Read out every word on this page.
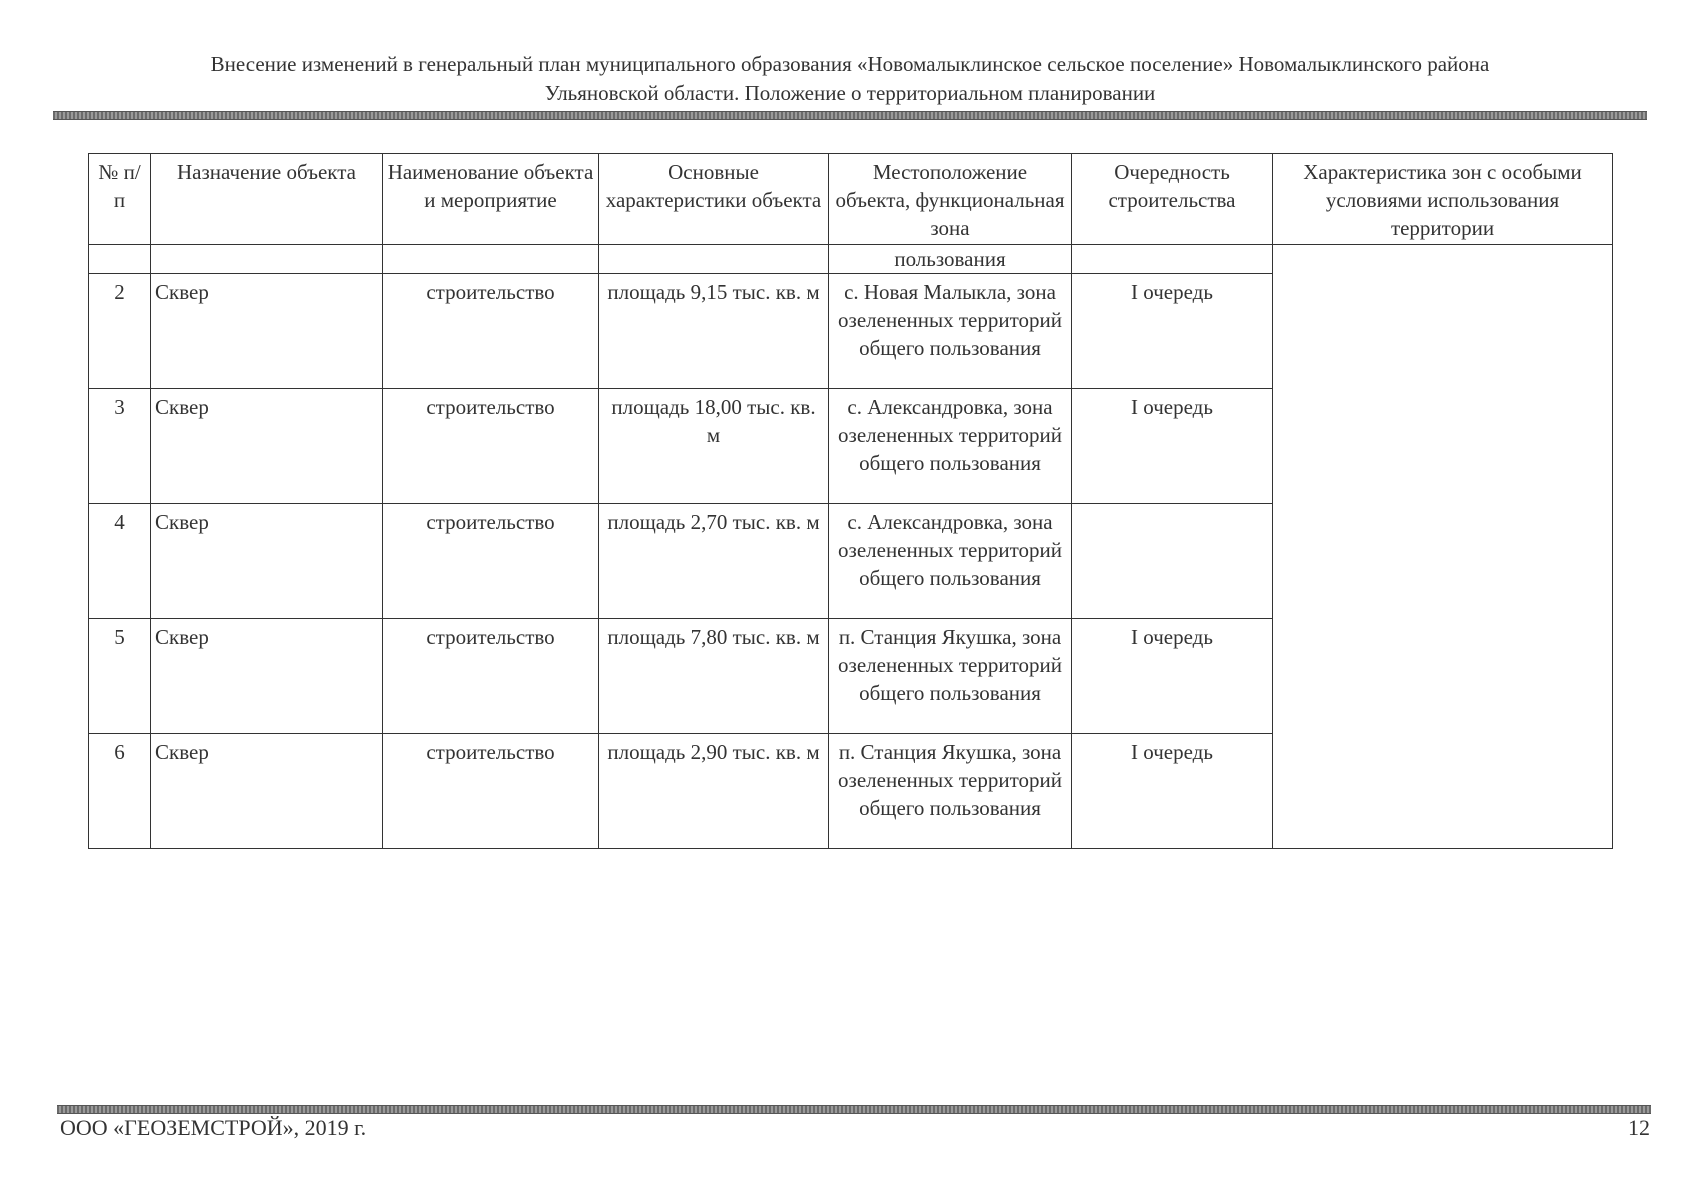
Внесение изменений в генеральный план муниципального образования «Новомалыклинское сельское поселение» Новомалыклинского района
Ульяновской области. Положение о территориальном планировании
№ п/п	Назначение объекта	Наименование объекта и мероприятие	Основные характеристики объекта	Местоположение объекта, функциональная зона	Очередность строительства	Характеристика зон с особыми условиями использования территории
				пользования		
2	Сквер	строительство	площадь 9,15 тыс. кв. м	с. Новая Малыкла, зона озелененных территорий общего пользования	I очередь	
3	Сквер	строительство	площадь 18,00 тыс. кв. м	с. Александровка, зона озелененных территорий общего пользования	I очередь	
4	Сквер	строительство	площадь 2,70 тыс. кв. м	с. Александровка, зона озелененных территорий общего пользования		
5	Сквер	строительство	площадь 7,80 тыс. кв. м	п. Станция Якушка, зона озелененных территорий общего пользования	I очередь	
6	Сквер	строительство	площадь 2,90 тыс. кв. м	п. Станция Якушка, зона озелененных территорий общего пользования	I очередь	
ООО «ГЕОЗЕМСТРОЙ», 2019 г.	12
